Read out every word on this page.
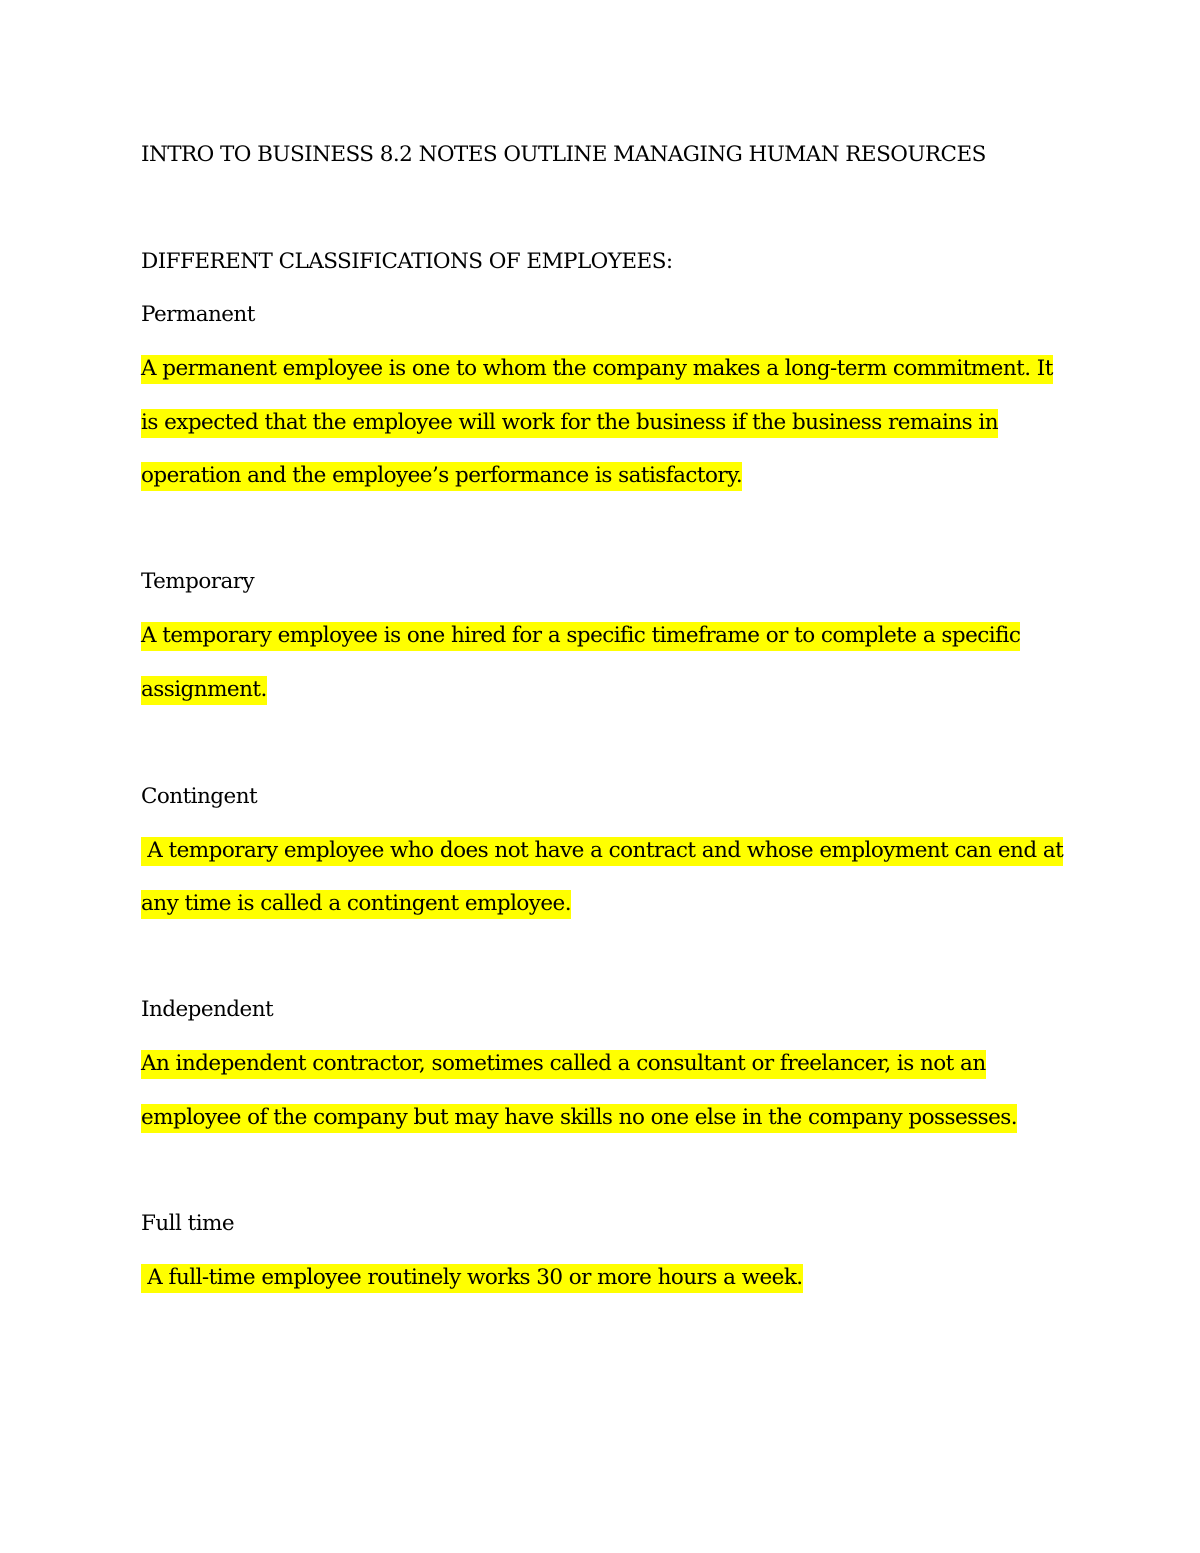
INTRO TO BUSINESS 8.2 NOTES OUTLINE MANAGING HUMAN RESOURCES
DIFFERENT CLASSIFICATIONS OF EMPLOYEES:
Permanent
A permanent employee is one to whom the company makes a long-term commitment. It
is expected that the employee will work for the business if the business remains in
operation and the employee’s performance is satisfactory.
Temporary
A temporary employee is one hired for a specific timeframe or to complete a specific
assignment.
Contingent
A temporary employee who does not have a contract and whose employment can end at
any time is called a contingent employee.
Independent
An independent contractor, sometimes called a consultant or freelancer, is not an
employee of the company but may have skills no one else in the company possesses.
Full time
A full-time employee routinely works 30 or more hours a week.
